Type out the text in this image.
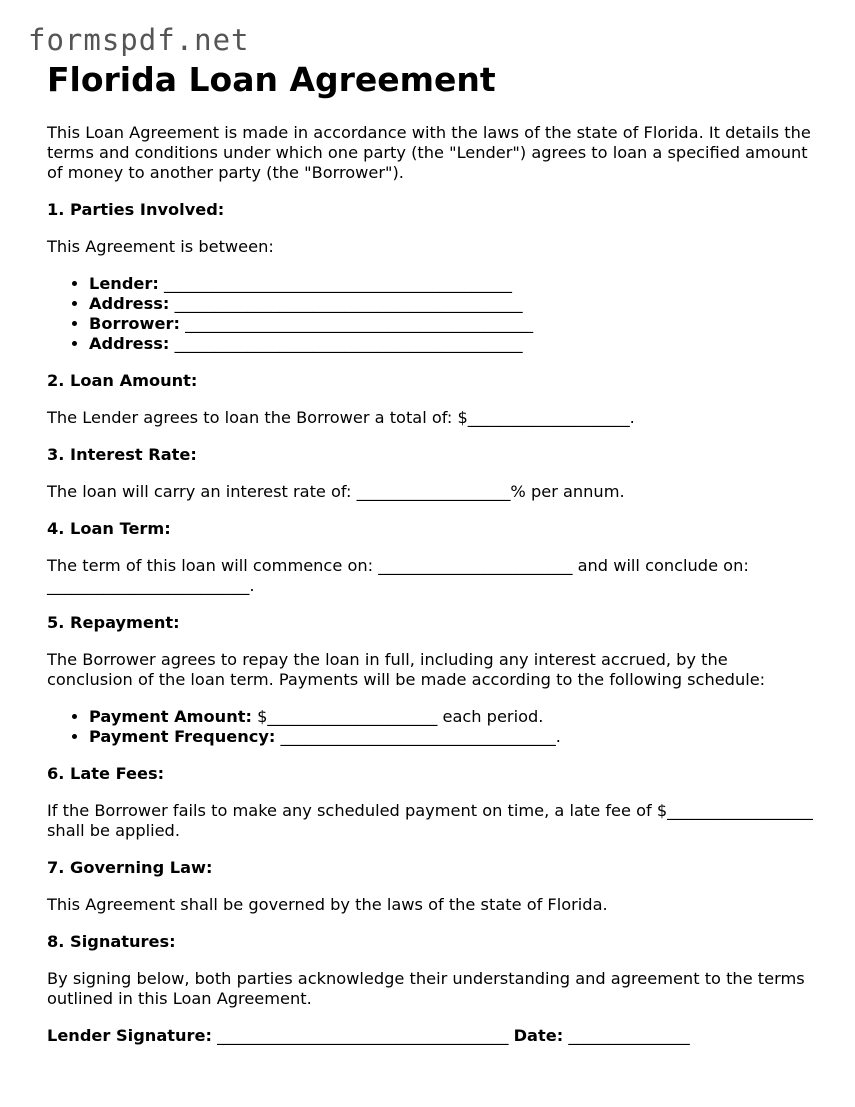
formspdf.net
Florida Loan Agreement

This Loan Agreement is made in accordance with the laws of the state of Florida. It details the terms and conditions under which one party (the "Lender") agrees to loan a specified amount of money to another party (the "Borrower").

1. Parties Involved:

This Agreement is between:

• Lender: ___________________________________________
• Address: ___________________________________________
• Borrower: ___________________________________________
• Address: ___________________________________________

2. Loan Amount:

The Lender agrees to loan the Borrower a total of: $____________________.

3. Interest Rate:

The loan will carry an interest rate of: ___________________% per annum.

4. Loan Term:

The term of this loan will commence on: ________________________ and will conclude on: _________________________.

5. Repayment:

The Borrower agrees to repay the loan in full, including any interest accrued, by the conclusion of the loan term. Payments will be made according to the following schedule:

• Payment Amount: $_____________________ each period.
• Payment Frequency: __________________________________.

6. Late Fees:

If the Borrower fails to make any scheduled payment on time, a late fee of $__________________ shall be applied.

7. Governing Law:

This Agreement shall be governed by the laws of the state of Florida.

8. Signatures:

By signing below, both parties acknowledge their understanding and agreement to the terms outlined in this Loan Agreement.

Lender Signature: ____________________________________ Date: _______________
